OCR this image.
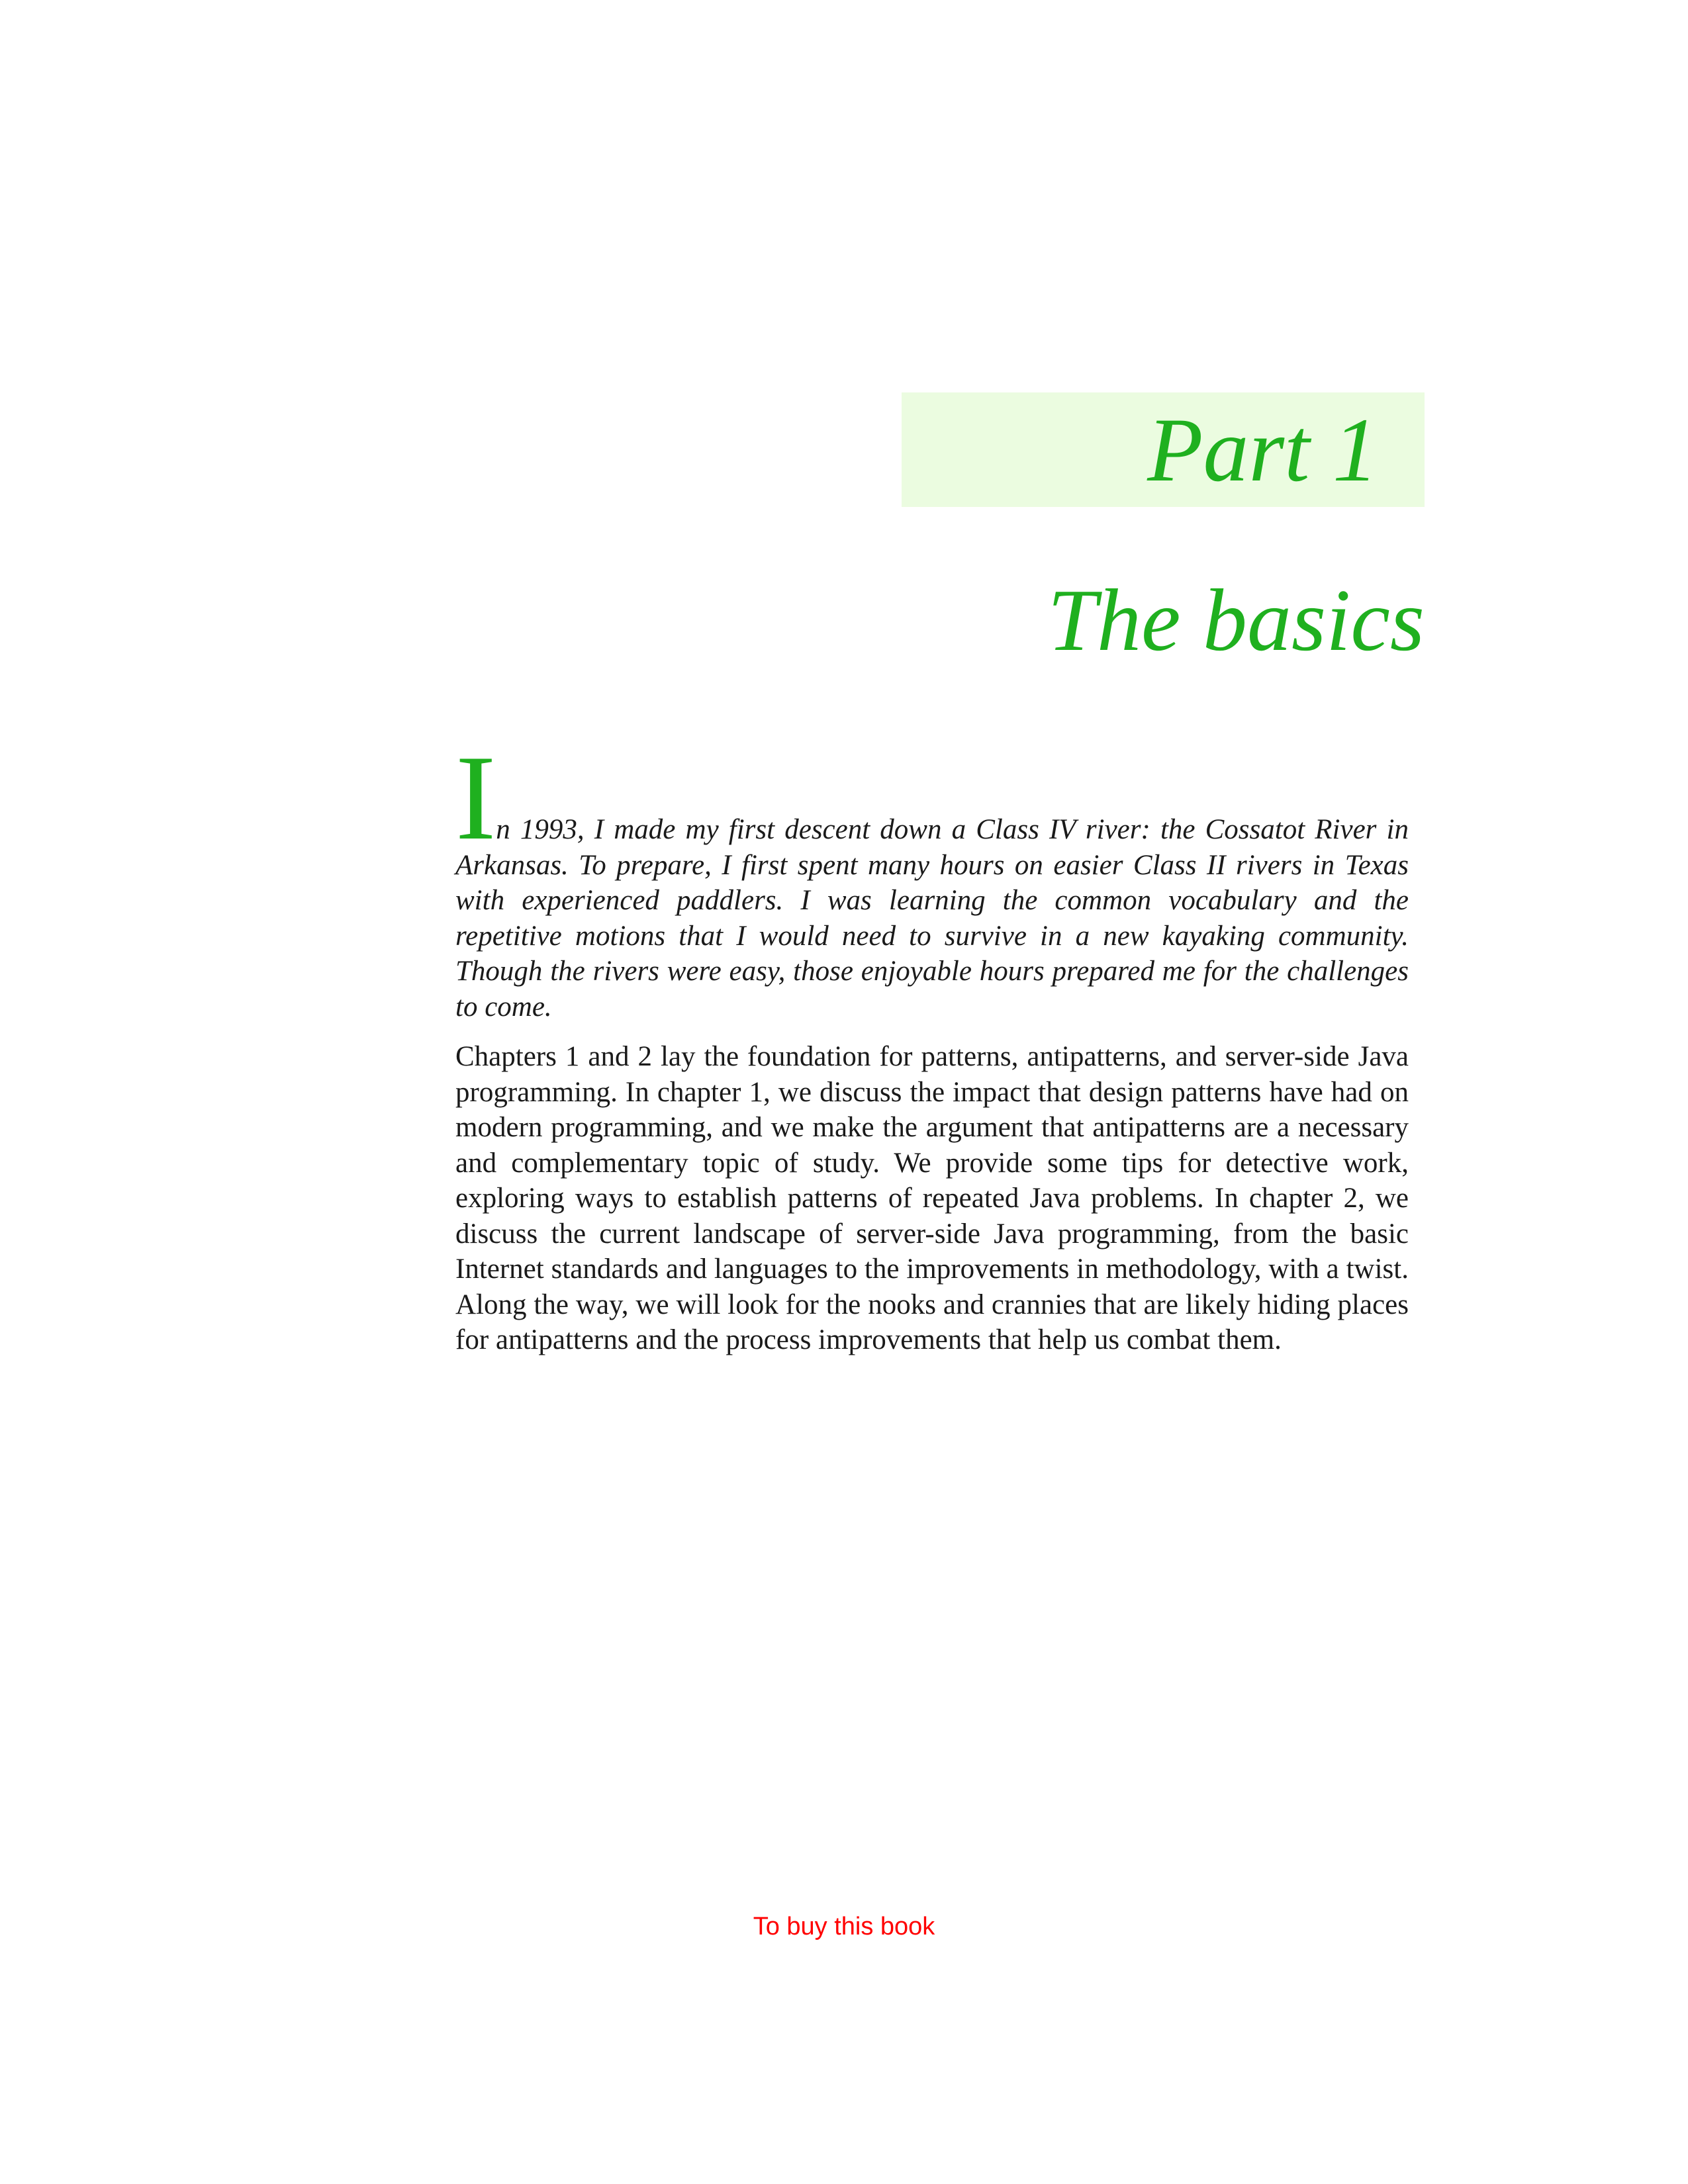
Part 1
The basics

In 1993, I made my first descent down a Class IV river: the Cossatot River in Arkansas. To prepare, I first spent many hours on easier Class II rivers in Texas with experienced paddlers. I was learning the common vocabulary and the repetitive motions that I would need to survive in a new kayaking community. Though the rivers were easy, those enjoyable hours prepared me for the challenges to come.

Chapters 1 and 2 lay the foundation for patterns, antipatterns, and server-side Java programming. In chapter 1, we discuss the impact that design patterns have had on modern programming, and we make the argument that antipatterns are a necessary and complementary topic of study. We provide some tips for detective work, exploring ways to establish patterns of repeated Java problems. In chapter 2, we discuss the current landscape of server-side Java programming, from the basic Internet standards and languages to the improvements in methodology, with a twist. Along the way, we will look for the nooks and crannies that are likely hiding places for antipatterns and the process improvements that help us combat them.

To buy this book
